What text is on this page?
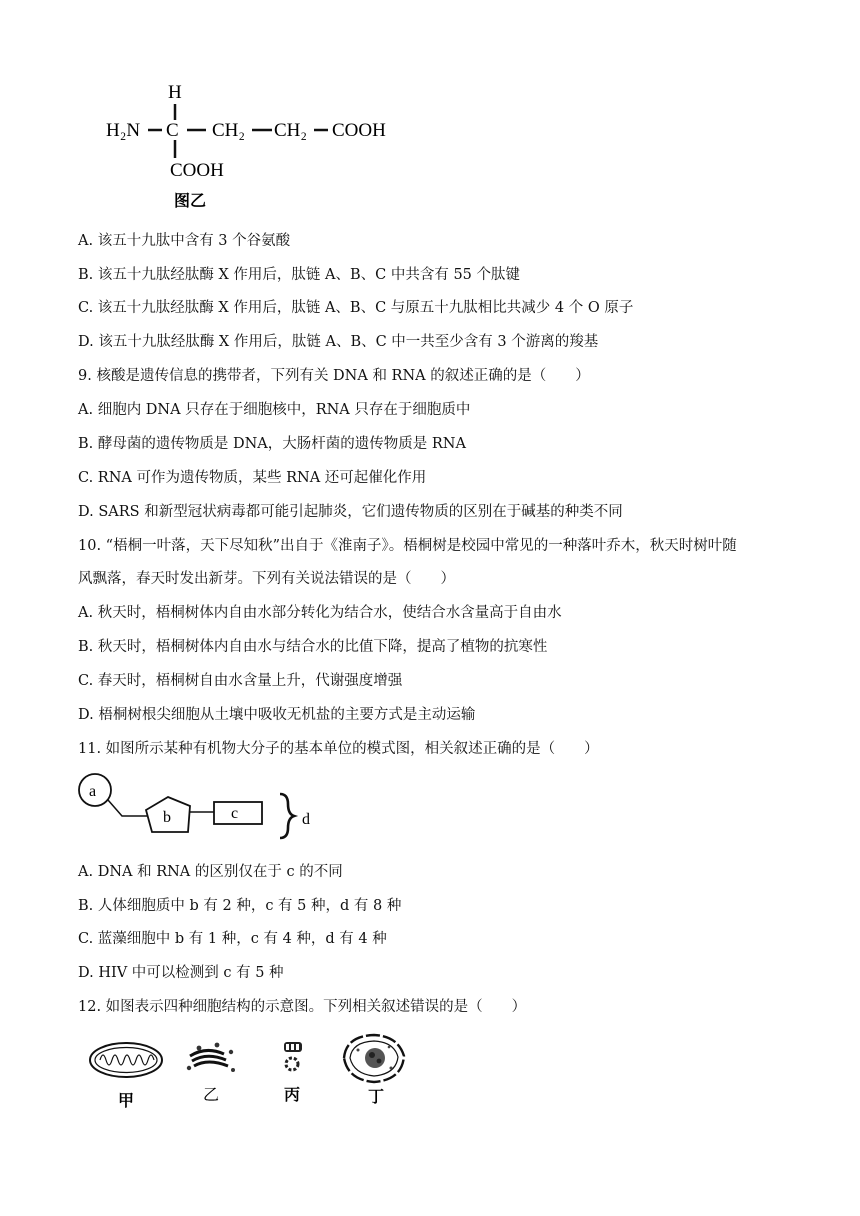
H
H₂N C CH₂ CH₂ COOH
COOH
图乙
A. 该五十九肽中含有 3 个谷氨酸
B. 该五十九肽经肽酶 X 作用后，肽链 A、B、C 中共含有 55 个肽键
C. 该五十九肽经肽酶 X 作用后，肽链 A、B、C 与原五十九肽相比共减少 4 个 O 原子
D. 该五十九肽经肽酶 X 作用后，肽链 A、B、C 中一共至少含有 3 个游离的羧基
9. 核酸是遗传信息的携带者，下列有关 DNA 和 RNA 的叙述正确的是（　　）
A. 细胞内 DNA 只存在于细胞核中，RNA 只存在于细胞质中
B. 酵母菌的遗传物质是 DNA，大肠杆菌的遗传物质是 RNA
C. RNA 可作为遗传物质，某些 RNA 还可起催化作用
D. SARS 和新型冠状病毒都可能引起肺炎，它们遗传物质的区别在于碱基的种类不同
10. “梧桐一叶落，天下尽知秋”出自于《淮南子》。梧桐树是校园中常见的一种落叶乔木，秋天时树叶随
风飘落，春天时发出新芽。下列有关说法错误的是（　　）
A. 秋天时，梧桐树体内自由水部分转化为结合水，使结合水含量高于自由水
B. 秋天时，梧桐树体内自由水与结合水的比值下降，提高了植物的抗寒性
C. 春天时，梧桐树自由水含量上升，代谢强度增强
D. 梧桐树根尖细胞从土壤中吸收无机盐的主要方式是主动运输
11. 如图所示某种有机物大分子的基本单位的模式图，相关叙述正确的是（　　）
a
b	c	d
A. DNA 和 RNA 的区别仅在于 c 的不同
B. 人体细胞质中 b 有 2 种，c 有 5 种，d 有 8 种
C. 蓝藻细胞中 b 有 1 种，c 有 4 种，d 有 4 种
D. HIV 中可以检测到 c 有 5 种
12. 如图表示四种细胞结构的示意图。下列相关叙述错误的是（　　）
甲	乙	丙	丁
